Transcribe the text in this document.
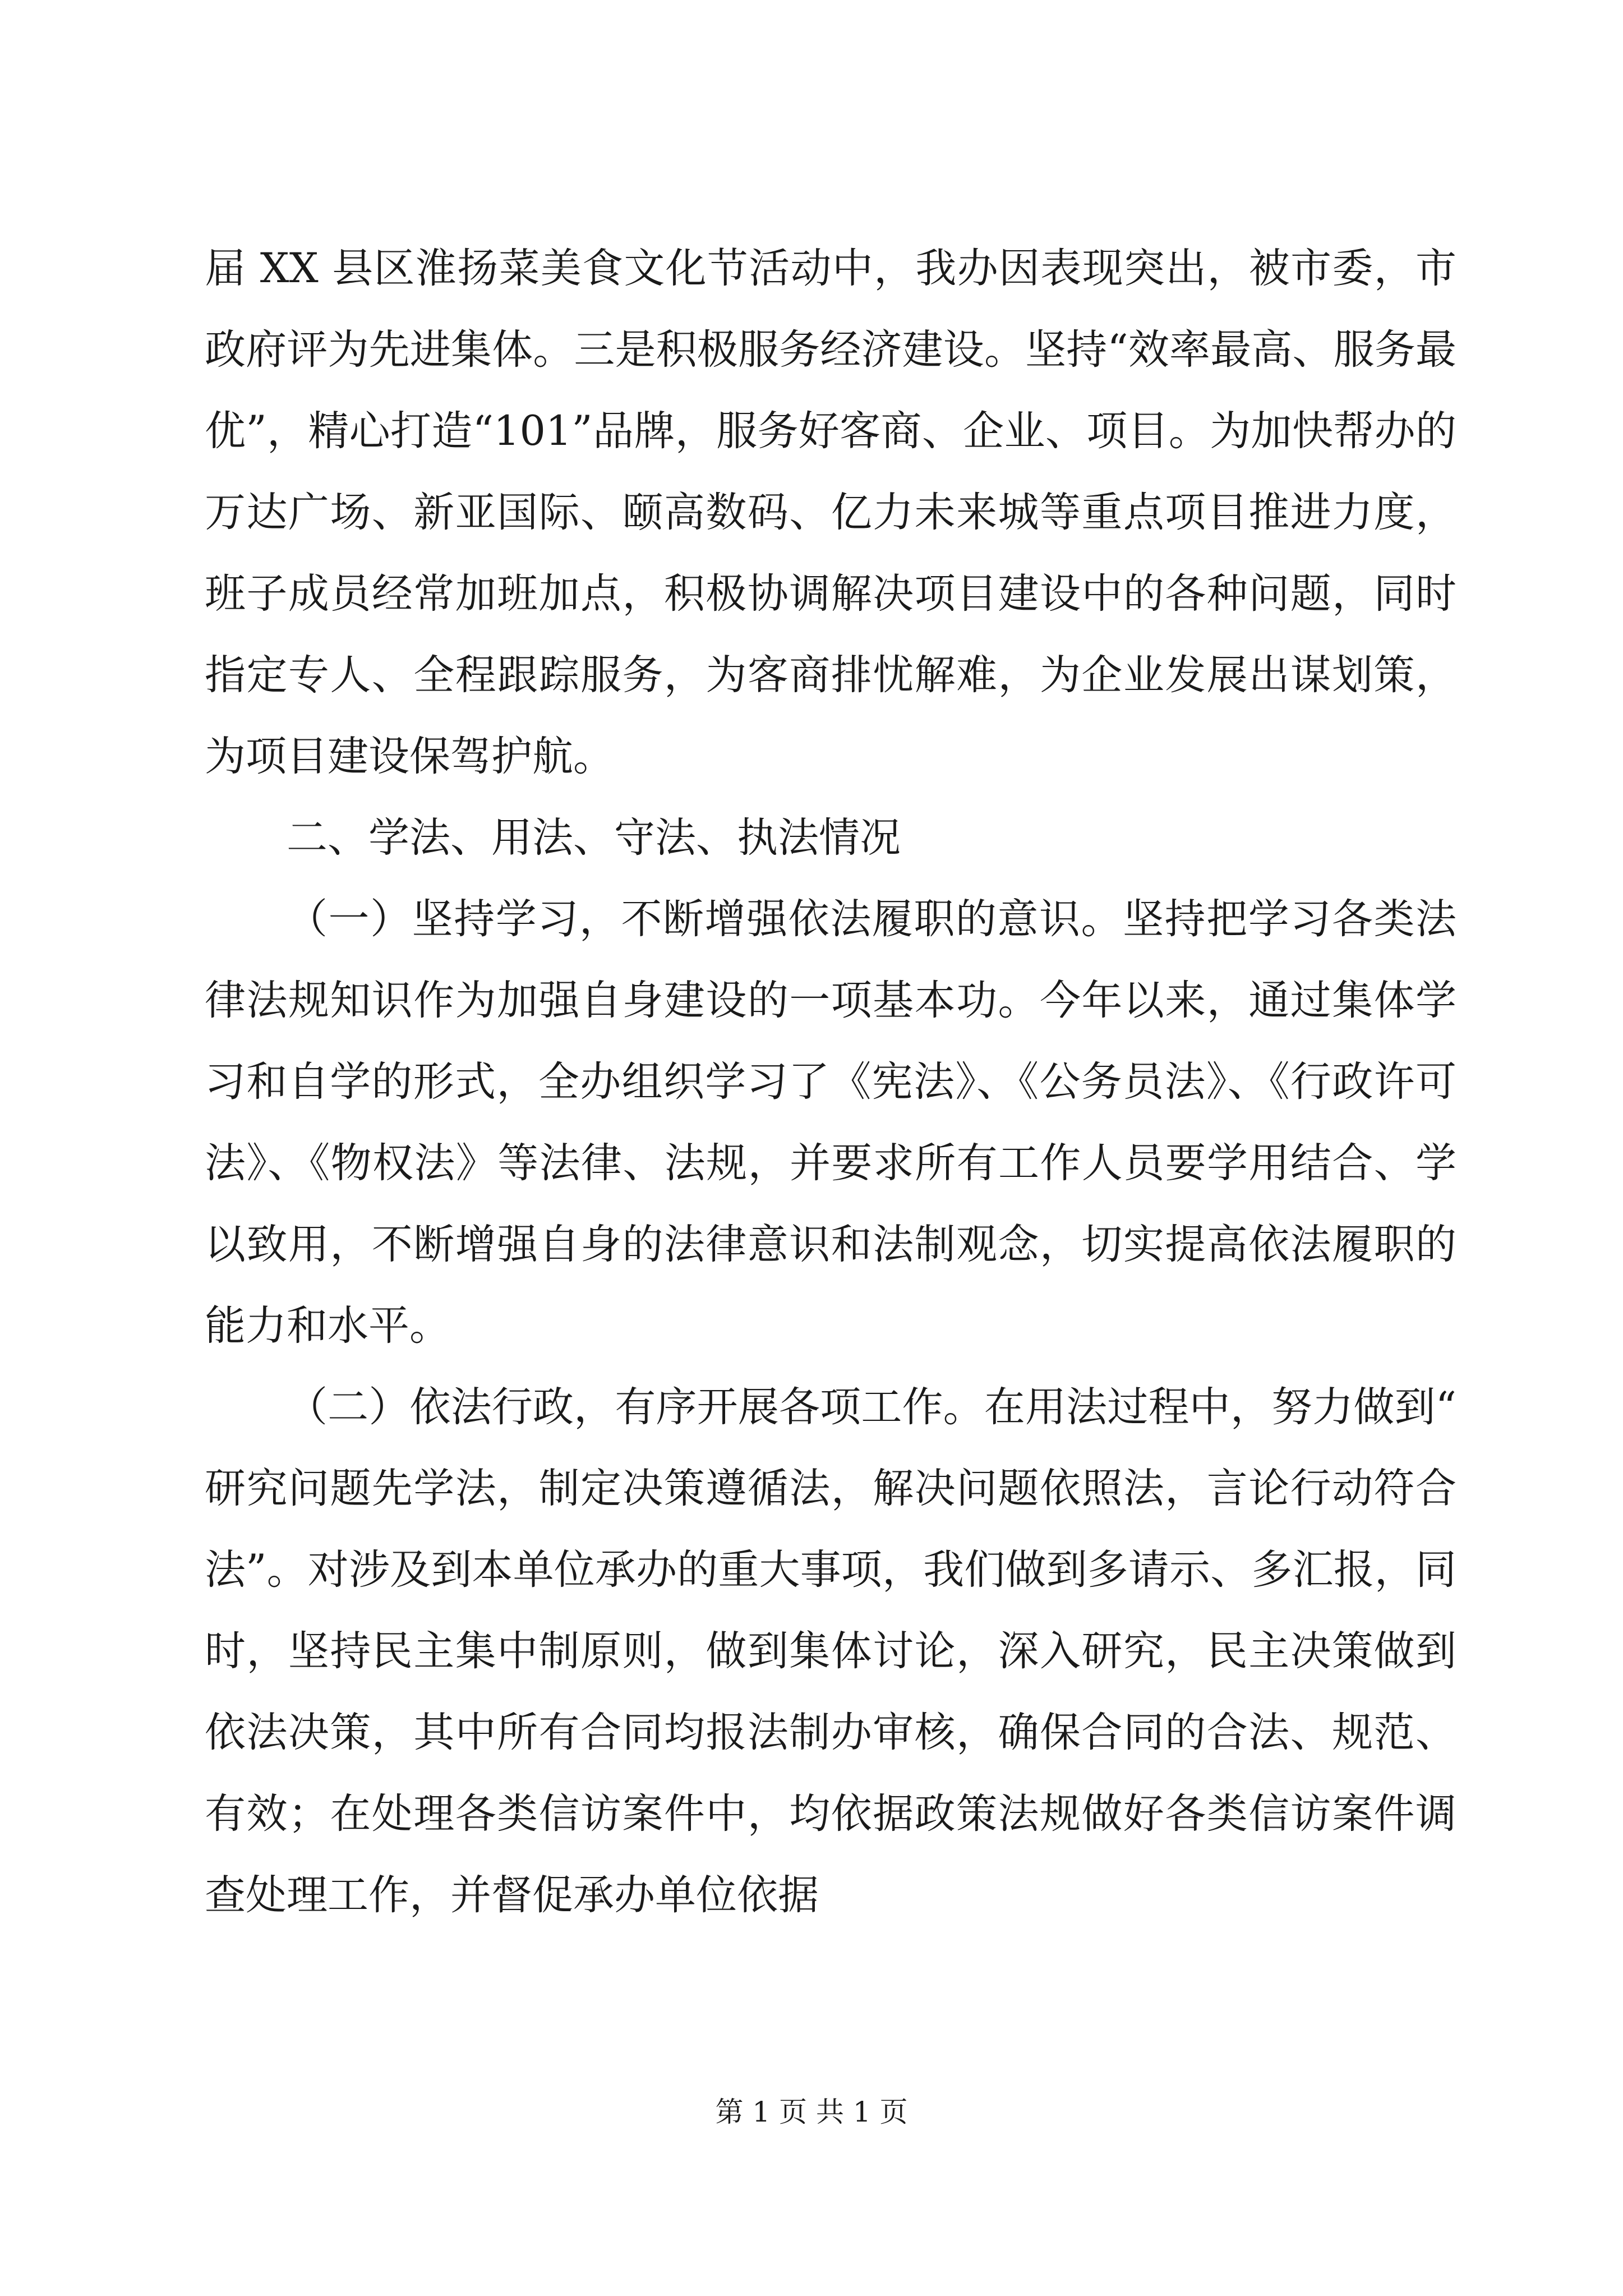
届 XX 县区淮扬菜美食文化节活动中，我办因表现突出，被市委，市政府评为先进集体。三是积极服务经济建设。坚持“效率最高、服务最优”，精心打造“101”品牌，服务好客商、企业、项目。为加快帮办的万达广场、新亚国际、颐高数码、亿力未来城等重点项目推进力度，班子成员经常加班加点，积极协调解决项目建设中的各种问题，同时指定专人、全程跟踪服务，为客商排忧解难，为企业发展出谋划策，为项目建设保驾护航。

二、学法、用法、守法、执法情况

（一）坚持学习，不断增强依法履职的意识。坚持把学习各类法律法规知识作为加强自身建设的一项基本功。今年以来，通过集体学习和自学的形式，全办组织学习了《宪法》、《公务员法》、《行政许可法》、《物权法》等法律、法规，并要求所有工作人员要学用结合、学以致用，不断增强自身的法律意识和法制观念，切实提高依法履职的能力和水平。

（二）依法行政，有序开展各项工作。在用法过程中，努力做到“研究问题先学法，制定决策遵循法，解决问题依照法，言论行动符合法”。对涉及到本单位承办的重大事项，我们做到多请示、多汇报，同时，坚持民主集中制原则，做到集体讨论，深入研究，民主决策做到依法决策，其中所有合同均报法制办审核，确保合同的合法、规范、有效；在处理各类信访案件中，均依据政策法规做好各类信访案件调查处理工作，并督促承办单位依据

第 1 页 共 1 页
